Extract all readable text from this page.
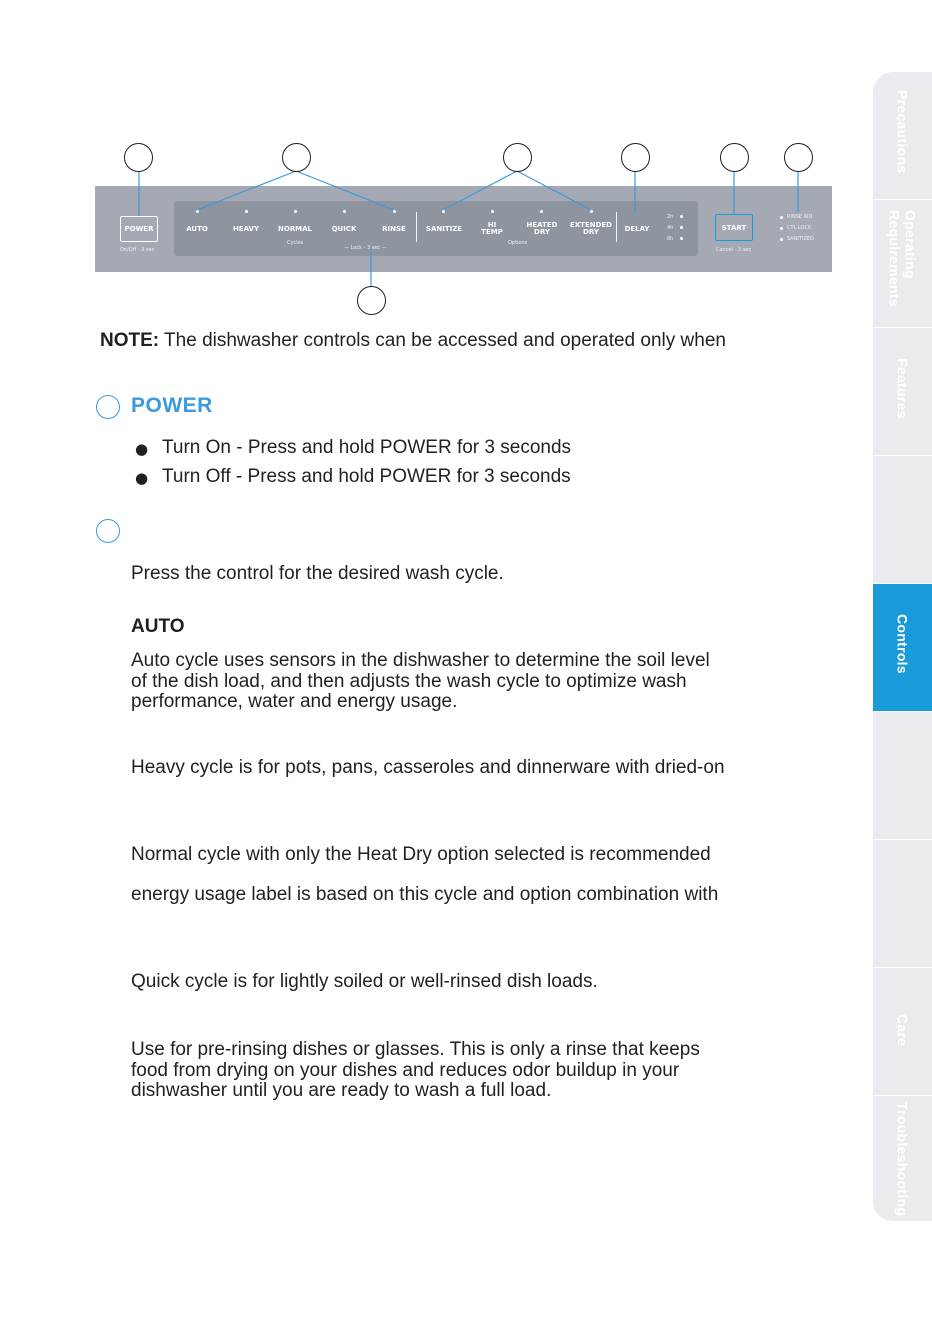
POWER
On/Off - 3 sec
AUTO	HEAVY	NORMAL	QUICK	RINSE
Cycles
— Lock - 3 sec —
SANITIZE	HI TEMP
HEATED DRY
EXTENDED DRY
Options
DELAY
2h
4h
8h
START
Cancel - 3 sec
RINSE AID
CTL LOCK
SANITIZED
NOTE: The dishwasher controls can be accessed and operated only when
POWER
● Turn On - Press and hold POWER for 3 seconds
● Turn Off - Press and hold POWER for 3 seconds
Press the control for the desired wash cycle.
AUTO
Auto cycle uses sensors in the dishwasher to determine the soil level
of the dish load, and then adjusts the wash cycle to optimize wash
performance, water and energy usage.
Heavy cycle is for pots, pans, casseroles and dinnerware with dried-on
Normal cycle with only the Heat Dry option selected is recommended
energy usage label is based on this cycle and option combination with
Quick cycle is for lightly soiled or well-rinsed dish loads.
Use for pre-rinsing dishes or glasses. This is only a rinse that keeps
food from drying on your dishes and reduces odor buildup in your
dishwasher until you are ready to wash a full load.
Precautions
Operating
Requirements
Features
Controls
Care
Troubleshooting
